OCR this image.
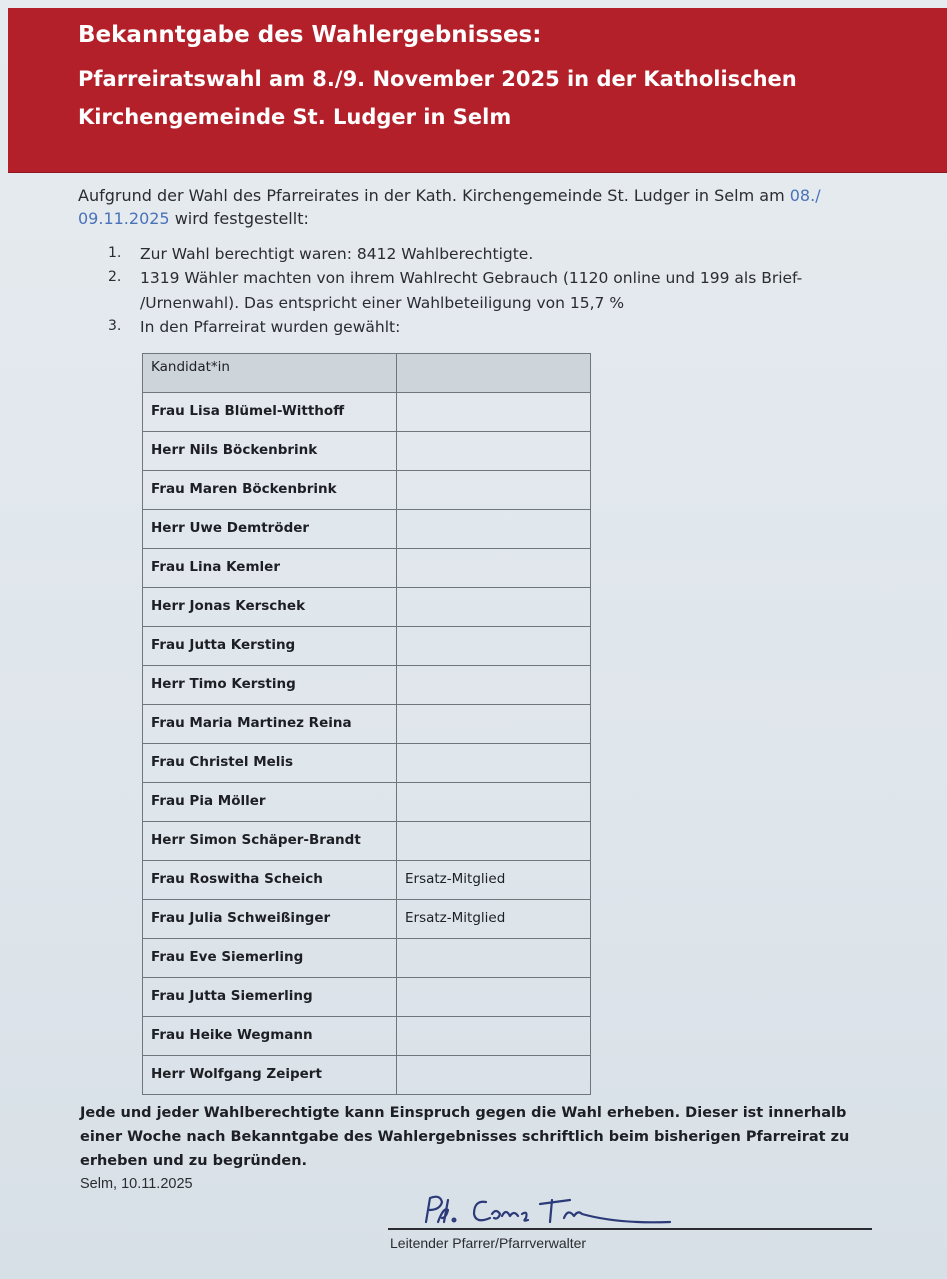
Bekanntgabe des Wahlergebnisses:
Pfarreiratswahl am 8./9. November 2025 in der Katholischen
Kirchengemeinde St. Ludger in Selm
Aufgrund der Wahl des Pfarreirates in der Kath. Kirchengemeinde St. Ludger in Selm am 08./
09.11.2025 wird festgestellt:
1.	Zur Wahl berechtigt waren: 8412 Wahlberechtigte.
2.	1319 Wähler machten von ihrem Wahlrecht Gebrauch (1120 online und 199 als Brief-
/Urnenwahl). Das entspricht einer Wahlbeteiligung von 15,7 %
3.	In den Pfarreirat wurden gewählt:
Kandidat*in	
Frau Lisa Blümel-Witthoff	
Herr Nils Böckenbrink	
Frau Maren Böckenbrink	
Herr Uwe Demtröder	
Frau Lina Kemler	
Herr Jonas Kerschek	
Frau Jutta Kersting	
Herr Timo Kersting	
Frau Maria Martinez Reina	
Frau Christel Melis	
Frau Pia Möller	
Herr Simon Schäper-Brandt	
Frau Roswitha Scheich	Ersatz-Mitglied
Frau Julia Schweißinger	Ersatz-Mitglied
Frau Eve Siemerling	
Frau Jutta Siemerling	
Frau Heike Wegmann	
Herr Wolfgang Zeipert	
Jede und jeder Wahlberechtigte kann Einspruch gegen die Wahl erheben. Dieser ist innerhalb einer Woche nach Bekanntgabe des Wahlergebnisses schriftlich beim bisherigen Pfarreirat zu erheben und zu begründen.
Selm, 10.11.2025
Leitender Pfarrer/Pfarrverwalter
